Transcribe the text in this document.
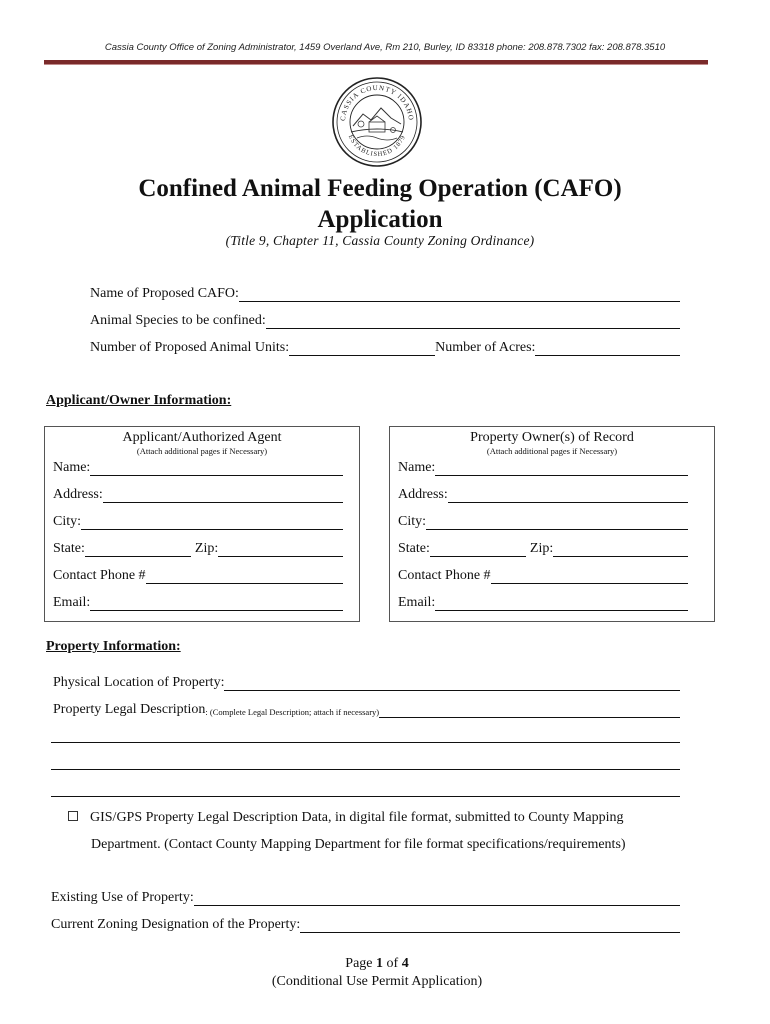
Cassia County Office of Zoning Administrator, 1459 Overland Ave, Rm 210, Burley, ID 83318 phone: 208.878.7302 fax: 208.878.3510
CASSIA COUNTY IDAHO
ESTABLISHED 1879
Confined Animal Feeding Operation (CAFO)
Application
(Title 9, Chapter 11, Cassia County Zoning Ordinance)
Name of Proposed CAFO:
Animal Species to be confined:
Number of Proposed Animal Units:	Number of Acres:
Applicant/Owner Information:
Applicant/Authorized Agent
(Attach additional pages if Necessary)
Name:
Address:
City:
State:	Zip:
Contact Phone #
Email:
Property Owner(s) of Record
(Attach additional pages if Necessary)
Name:
Address:
City:
State:	Zip:
Contact Phone #
Email:
Property Information:
Physical Location of Property:
Property Legal Description : (Complete Legal Description; attach if necessary)
GIS/GPS Property Legal Description Data, in digital file format, submitted to County Mapping
Department. (Contact County Mapping Department for file format specifications/requirements)
Existing Use of Property:
Current Zoning Designation of the Property:
Page 1 of 4
(Conditional Use Permit Application)
